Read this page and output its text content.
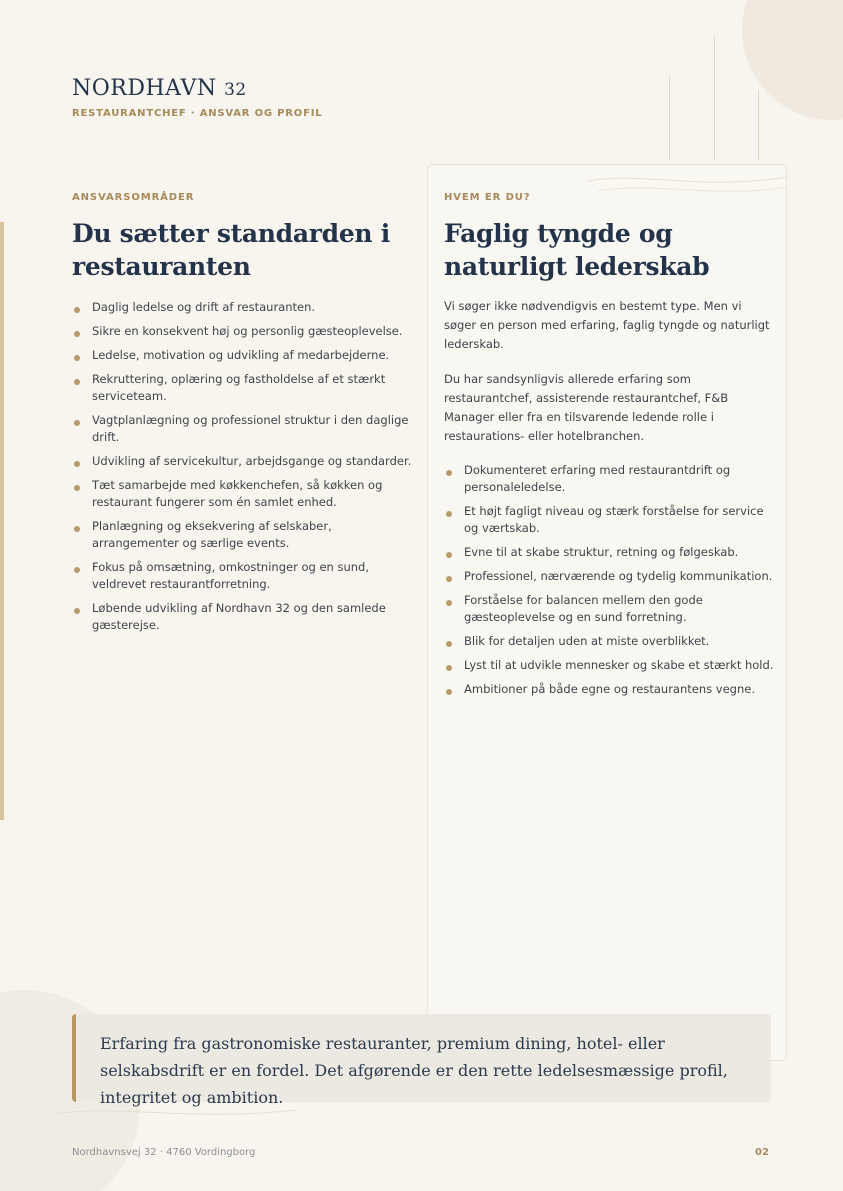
NORDHAVN 32
RESTAURANTCHEF · ANSVAR OG PROFIL
ANSVARSOMRÅDER
Du sætter standarden i restauranten
Daglig ledelse og drift af restauranten.
Sikre en konsekvent høj og personlig gæsteoplevelse.
Ledelse, motivation og udvikling af medarbejderne.
Rekruttering, oplæring og fastholdelse af et stærkt serviceteam.
Vagtplanlægning og professionel struktur i den daglige drift.
Udvikling af servicekultur, arbejdsgange og standarder.
Tæt samarbejde med køkkenchefen, så køkken og restaurant fungerer som én samlet enhed.
Planlægning og eksekvering af selskaber, arrangementer og særlige events.
Fokus på omsætning, omkostninger og en sund, veldrevet restaurantforretning.
Løbende udvikling af Nordhavn 32 og den samlede gæsterejse.
HVEM ER DU?
Faglig tyngde og naturligt lederskab

Vi søger ikke nødvendigvis en bestemt type. Men vi søger en person med erfaring, faglig tyngde og naturligt lederskab.

Du har sandsynligvis allerede erfaring som restaurantchef, assisterende restaurantchef, F&B Manager eller fra en tilsvarende ledende rolle i restaurations- eller hotelbranchen.

Dokumenteret erfaring med restaurantdrift og personaleledelse.
Et højt fagligt niveau og stærk forståelse for service og værtskab.
Evne til at skabe struktur, retning og følgeskab.
Professionel, nærværende og tydelig kommunikation.
Forståelse for balancen mellem den gode gæsteoplevelse og en sund forretning.
Blik for detaljen uden at miste overblikket.
Lyst til at udvikle mennesker og skabe et stærkt hold.
Ambitioner på både egne og restaurantens vegne.

Erfaring fra gastronomiske restauranter, premium dining, hotel- eller selskabsdrift er en fordel. Det afgørende er den rette ledelsesmæssige profil, integritet og ambition.

Nordhavnsvej 32 · 4760 Vordingborg	02
